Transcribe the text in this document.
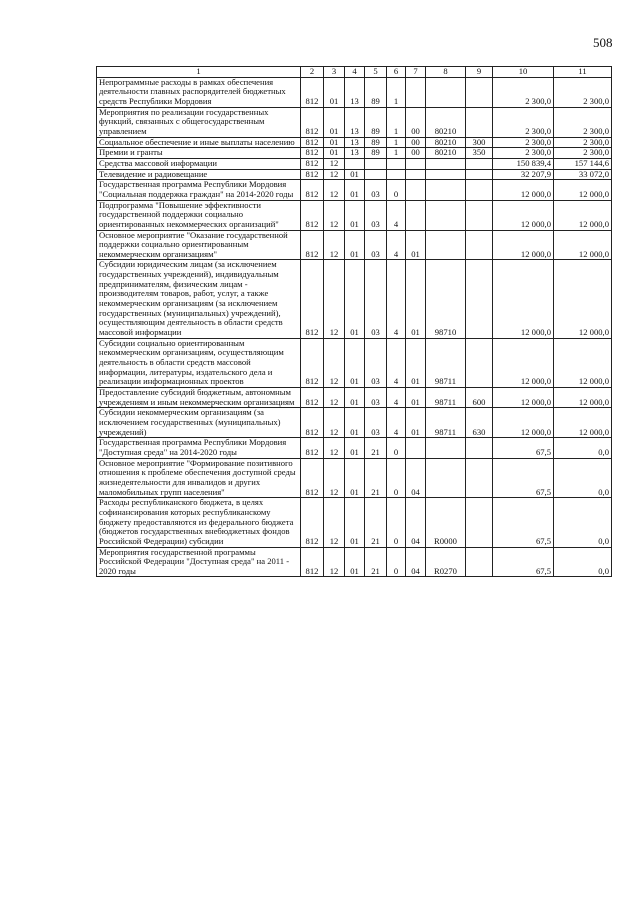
508
1	2	3	4	5	6	7	8	9	10	11
Непрограммные расходы в рамках обеспечения деятельности главных распорядителей бюджетных средств Республики Мордовия	812	01	13	89	1				2 300,0	2 300,0
Мероприятия по реализации государственных функций, связанных с общегосударственным управлением	812	01	13	89	1	00	80210		2 300,0	2 300,0
Социальное обеспечение и иные выплаты населению	812	01	13	89	1	00	80210	300	2 300,0	2 300,0
Премии и гранты	812	01	13	89	1	00	80210	350	2 300,0	2 300,0
Средства массовой информации	812	12							150 839,4	157 144,6
Телевидение и радиовещание	812	12	01						32 207,9	33 072,0
Государственная программа Республики Мордовия "Социальная поддержка граждан" на 2014-2020 годы	812	12	01	03	0				12 000,0	12 000,0
Подпрограмма "Повышение эффективности государственной поддержки социально ориентированных некоммерческих организаций"	812	12	01	03	4				12 000,0	12 000,0
Основное мероприятие "Оказание государственной поддержки социально ориентированным некоммерческим организациям"	812	12	01	03	4	01			12 000,0	12 000,0
Субсидии юридическим лицам (за исключением государственных учреждений), индивидуальным предпринимателям, физическим лицам - производителям товаров, работ, услуг, а также некоммерческим организациям (за исключением государственных (муниципальных) учреждений), осуществляющим деятельность в области средств массовой информации	812	12	01	03	4	01	98710		12 000,0	12 000,0
Субсидии социально ориентированным некоммерческим организациям, осуществляющим деятельность в области средств массовой информации, литературы, издательского дела и реализации информационных проектов	812	12	01	03	4	01	98711		12 000,0	12 000,0
Предоставление субсидий бюджетным, автономным учреждениям и иным некоммерческим организациям	812	12	01	03	4	01	98711	600	12 000,0	12 000,0
Субсидии некоммерческим организациям (за исключением государственных (муниципальных) учреждений)	812	12	01	03	4	01	98711	630	12 000,0	12 000,0
Государственная программа Республики Мордовия "Доступная среда" на 2014-2020 годы	812	12	01	21	0				67,5	0,0
Основное мероприятие "Формирование позитивного отношения к проблеме обеспечения доступной среды жизнедеятельности для инвалидов и других маломобильных групп населения"	812	12	01	21	0	04			67,5	0,0
Расходы республиканского бюджета, в целях софинансирования которых республиканскому бюджету предоставляются из федерального бюджета (бюджетов государственных внебюджетных фондов Российской Федерации) субсидии	812	12	01	21	0	04	R0000		67,5	0,0
Мероприятия государственной программы Российской Федерации "Доступная среда" на 2011 - 2020 годы	812	12	01	21	0	04	R0270		67,5	0,0
